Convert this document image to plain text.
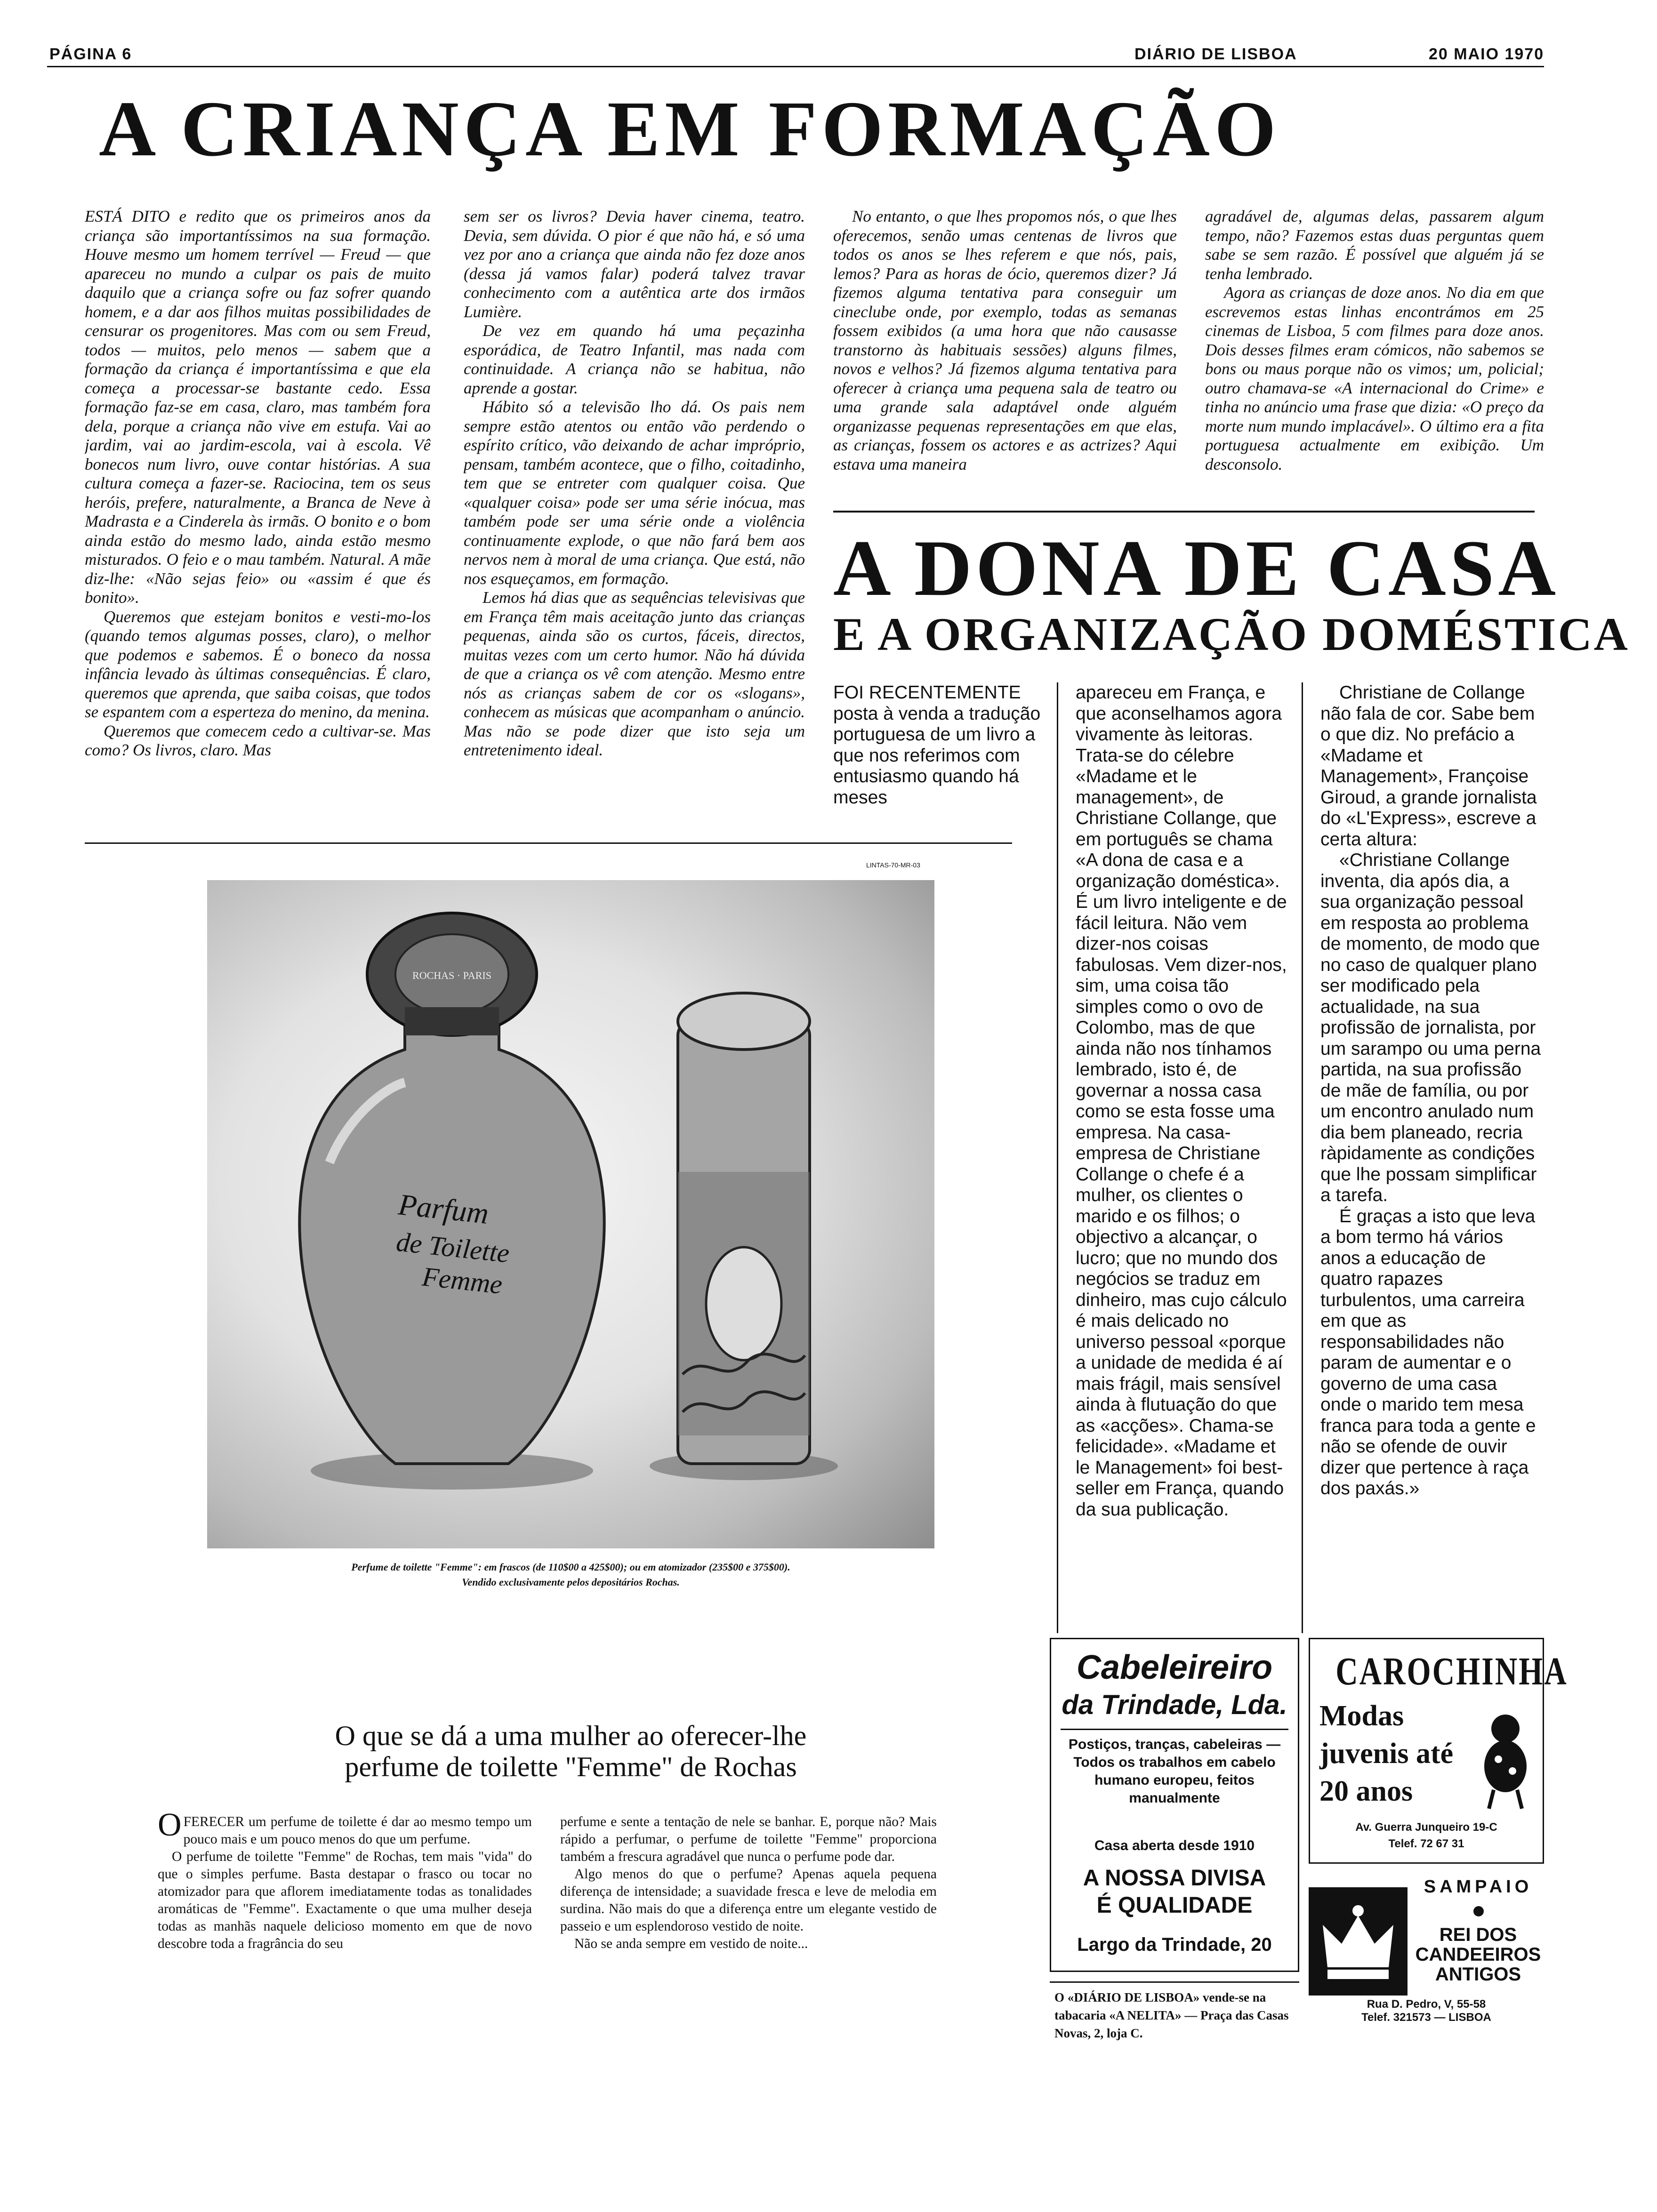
PÁGINA 6	DIÁRIO DE LISBOA	20 MAIO 1970
A CRIANÇA EM FORMAÇÃO

ESTÁ DITO e redito que os primeiros anos da criança são importantíssimos na sua formação. Houve mesmo um homem terrível — Freud — que apareceu no mundo a culpar os pais de muito daquilo que a criança sofre ou faz sofrer quando homem, e a dar aos filhos muitas possibilidades de censurar os progenitores. Mas com ou sem Freud, todos — muitos, pelo menos — sabem que a formação da criança é importantíssima e que ela começa a processar-se bastante cedo. Essa formação faz-se em casa, claro, mas também fora dela, porque a criança não vive em estufa. Vai ao jardim, vai ao jardim-escola, vai à escola. Vê bonecos num livro, ouve contar histórias. A sua cultura começa a fazer-se. Raciocina, tem os seus heróis, prefere, naturalmente, a Branca de Neve à Madrasta e a Cinderela às irmãs. O bonito e o bom ainda estão do mesmo lado, ainda estão mesmo misturados. O feio e o mau também. Natural. A mãe diz-lhe: «Não sejas feio» ou «assim é que és bonito».

Queremos que estejam bonitos e vesti-mo-los (quando temos algumas posses, claro), o melhor que podemos e sabemos. É o boneco da nossa infância levado às últimas consequências. É claro, queremos que aprenda, que saiba coisas, que todos se espantem com a esperteza do menino, da menina.

Queremos que comecem cedo a cultivar-se. Mas como? Os livros, claro. Mas

sem ser os livros? Devia haver cinema, teatro. Devia, sem dúvida. O pior é que não há, e só uma vez por ano a criança que ainda não fez doze anos (dessa já vamos falar) poderá talvez travar conhecimento com a autêntica arte dos irmãos Lumière.

De vez em quando há uma peçazinha esporádica, de Teatro Infantil, mas nada com continuidade. A criança não se habitua, não aprende a gostar.

Hábito só a televisão lho dá. Os pais nem sempre estão atentos ou então vão perdendo o espírito crítico, vão deixando de achar impróprio, pensam, também acontece, que o filho, coitadinho, tem que se entreter com qualquer coisa. Que «qualquer coisa» pode ser uma série inócua, mas também pode ser uma série onde a violência continuamente explode, o que não fará bem aos nervos nem à moral de uma criança. Que está, não nos esqueçamos, em formação.

Lemos há dias que as sequências televisivas que em França têm mais aceitação junto das crianças pequenas, ainda são os curtos, fáceis, directos, muitas vezes com um certo humor. Não há dúvida de que a criança os vê com atenção. Mesmo entre nós as crianças sabem de cor os «slogans», conhecem as músicas que acompanham o anúncio. Mas não se pode dizer que isto seja um entretenimento ideal.

No entanto, o que lhes propomos nós, o que lhes oferecemos, senão umas centenas de livros que todos os anos se lhes referem e que nós, pais, lemos? Para as horas de ócio, queremos dizer? Já fizemos alguma tentativa para conseguir um cineclube onde, por exemplo, todas as semanas fossem exibidos (a uma hora que não causasse transtorno às habituais sessões) alguns filmes, novos e velhos? Já fizemos alguma tentativa para oferecer à criança uma pequena sala de teatro ou uma grande sala adaptável onde alguém organizasse pequenas representações em que elas, as crianças, fossem os actores e as actrizes? Aqui estava uma maneira

agradável de, algumas delas, passarem algum tempo, não? Fazemos estas duas perguntas quem sabe se sem razão. É possível que alguém já se tenha lembrado.

Agora as crianças de doze anos. No dia em que escrevemos estas linhas encontrámos em 25 cinemas de Lisboa, 5 com filmes para doze anos. Dois desses filmes eram cómicos, não sabemos se bons ou maus porque não os vimos; um, policial; outro chamava-se «A internacional do Crime» e tinha no anúncio uma frase que dizia: «O preço da morte num mundo implacável». O último era a fita portuguesa actualmente em exibição. Um desconsolo.

A DONA DE CASA
E A ORGANIZAÇÃO DOMÉSTICA

FOI RECENTEMENTE posta à venda a tradução portuguesa de um livro a que nos referimos com entusiasmo quando há meses

apareceu em França, e que aconselhamos agora vivamente às leitoras. Trata-se do célebre «Madame et le management», de Christiane Collange, que em português se chama «A dona de casa e a organização doméstica». É um livro inteligente e de fácil leitura. Não vem dizer-nos coisas fabulosas. Vem dizer-nos, sim, uma coisa tão simples como o ovo de Colombo, mas de que ainda não nos tínhamos lembrado, isto é, de governar a nossa casa como se esta fosse uma empresa. Na casa-empresa de Christiane Collange o chefe é a mulher, os clientes o marido e os filhos; o objectivo a alcançar, o lucro; que no mundo dos negócios se traduz em dinheiro, mas cujo cálculo é mais delicado no universo pessoal «porque a unidade de medida é aí mais frágil, mais sensível ainda à flutuação do que as «acções». Chama-se felicidade». «Madame et le Management» foi best-seller em França, quando da sua publicação.

Christiane de Collange não fala de cor. Sabe bem o que diz. No prefácio a «Madame et Management», Françoise Giroud, a grande jornalista do «L'Express», escreve a certa altura:

«Christiane Collange inventa, dia após dia, a sua organização pessoal em resposta ao problema de momento, de modo que no caso de qualquer plano ser modificado pela actualidade, na sua profissão de jornalista, por um sarampo ou uma perna partida, na sua profissão de mãe de família, ou por um encontro anulado num dia bem planeado, recria ràpidamente as condições que lhe possam simplificar a tarefa.

É graças a isto que leva a bom termo há vários anos a educação de quatro rapazes turbulentos, uma carreira em que as responsabilidades não param de aumentar e o governo de uma casa onde o marido tem mesa franca para toda a gente e não se ofende de ouvir dizer que pertence à raça dos paxás.»

LINTAS-70-MR-03
ROCHAS · PARIS
Parfum
de Toilette
Femme
Perfume de toilette "Femme": em frascos (de 110$00 a 425$00); ou em atomizador (235$00 e 375$00).
Vendido exclusivamente pelos depositários Rochas.
O que se dá a uma mulher ao oferecer-lhe
perfume de toilette "Femme" de Rochas

OFERECER um perfume de toilette é dar ao mesmo tempo um pouco mais e um pouco menos do que um perfume.

O perfume de toilette "Femme" de Rochas, tem mais "vida" do que o simples perfume. Basta destapar o frasco ou tocar no atomizador para que aflorem imediatamente todas as tonalidades aromáticas de "Femme". Exactamente o que uma mulher deseja todas as manhãs naquele delicioso momento em que de novo descobre toda a fragrância do seu

perfume e sente a tentação de nele se banhar. E, porque não? Mais rápido a perfumar, o perfume de toilette "Femme" proporciona também a frescura agradável que nunca o perfume pode dar.

Algo menos do que o perfume? Apenas aquela pequena diferença de intensidade; a suavidade fresca e leve de melodia em surdina. Não mais do que a diferença entre um elegante vestido de passeio e um esplendoroso vestido de noite.

Não se anda sempre em vestido de noite...

Cabeleireiro
da Trindade, Lda.
Postiços, tranças, cabeleiras — Todos os trabalhos em cabelo humano europeu, feitos manualmente
Casa aberta desde 1910
A NOSSA DIVISA
É QUALIDADE
Largo da Trindade, 20
CAROCHINHA
Modas
juvenis até
20 anos
Av. Guerra Junqueiro 19-C
Telef. 72 67 31
SAMPAIO
REI DOS
CANDEEIROS
ANTIGOS
Rua D. Pedro, V, 55-58
Telef. 321573 — LISBOA
O «DIÁRIO DE LISBOA» vende-se na tabacaria «A NELITA» — Praça das Casas Novas, 2, loja C.
